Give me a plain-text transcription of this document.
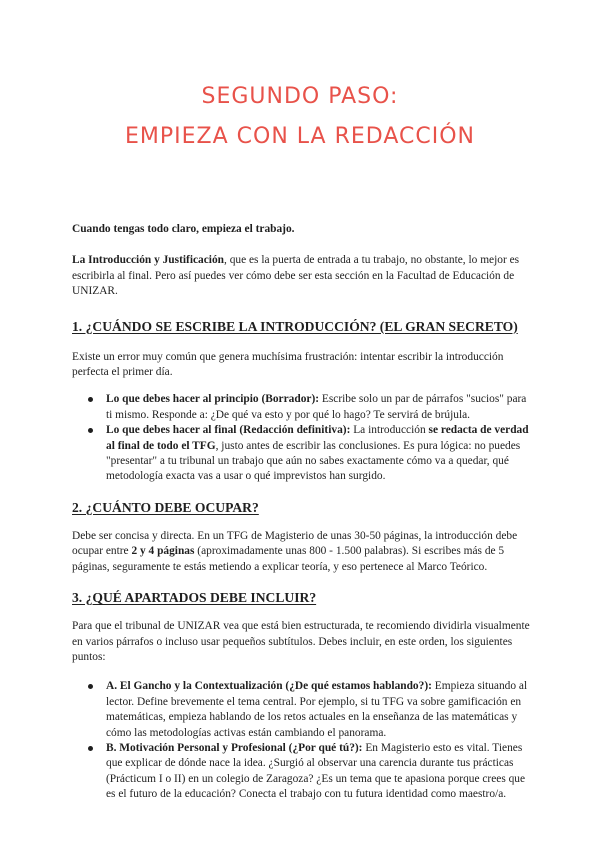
SEGUNDO PASO:
EMPIEZA CON LA REDACCIÓN

Cuando tengas todo claro, empieza el trabajo.

La Introducción y Justificación, que es la puerta de entrada a tu trabajo, no obstante, lo mejor es escribirla al final. Pero así puedes ver cómo debe ser esta sección en la Facultad de Educación de UNIZAR.

1. ¿CUÁNDO SE ESCRIBE LA INTRODUCCIÓN? (EL GRAN SECRETO)

Existe un error muy común que genera muchísima frustración: intentar escribir la introducción perfecta el primer día.

Lo que debes hacer al principio (Borrador): Escribe solo un par de párrafos "sucios" para ti mismo. Responde a: ¿De qué va esto y por qué lo hago? Te servirá de brújula.
Lo que debes hacer al final (Redacción definitiva): La introducción se redacta de verdad al final de todo el TFG, justo antes de escribir las conclusiones. Es pura lógica: no puedes "presentar" a tu tribunal un trabajo que aún no sabes exactamente cómo va a quedar, qué metodología exacta vas a usar o qué imprevistos han surgido.
2. ¿CUÁNTO DEBE OCUPAR?

Debe ser concisa y directa. En un TFG de Magisterio de unas 30-50 páginas, la introducción debe ocupar entre 2 y 4 páginas (aproximadamente unas 800 - 1.500 palabras). Si escribes más de 5 páginas, seguramente te estás metiendo a explicar teoría, y eso pertenece al Marco Teórico.

3. ¿QUÉ APARTADOS DEBE INCLUIR?

Para que el tribunal de UNIZAR vea que está bien estructurada, te recomiendo dividirla visualmente en varios párrafos o incluso usar pequeños subtítulos. Debes incluir, en este orden, los siguientes puntos:

A. El Gancho y la Contextualización (¿De qué estamos hablando?): Empieza situando al lector. Define brevemente el tema central. Por ejemplo, si tu TFG va sobre gamificación en matemáticas, empieza hablando de los retos actuales en la enseñanza de las matemáticas y cómo las metodologías activas están cambiando el panorama.
B. Motivación Personal y Profesional (¿Por qué tú?): En Magisterio esto es vital. Tienes que explicar de dónde nace la idea. ¿Surgió al observar una carencia durante tus prácticas (Prácticum I o II) en un colegio de Zaragoza? ¿Es un tema que te apasiona porque crees que es el futuro de la educación? Conecta el trabajo con tu futura identidad como maestro/a.
